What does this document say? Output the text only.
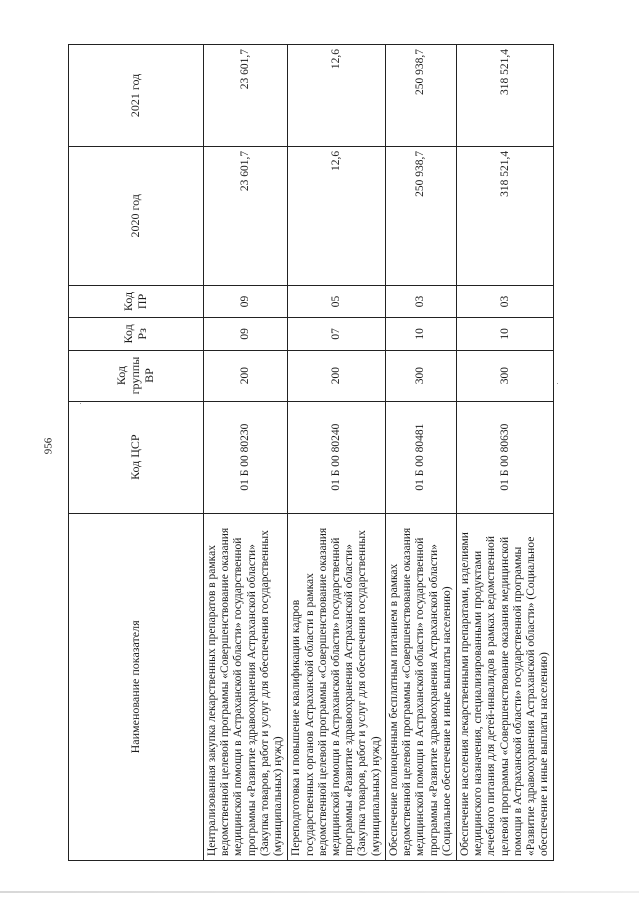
956
Наименование показателя	Код ЦСР	Код группы ВР	Код Рз	Код ПР	2020 год	2021 год
Централизованная закупка лекарственных препаратов в рамках ведомственной целевой программы «Совершенствование оказания медицинской помощи в Астраханской области» государственной программы «Развитие здравоохранения Астраханской области» (Закупка товаров, работ и услуг для обеспечения государственных (муниципальных) нужд)	01 Б 00 80230	200	09	09	23 601,7	23 601,7
Переподготовка и повышение квалификации кадров государственных органов Астраханской области в рамках ведомственной целевой программы «Совершенствование оказания медицинской помощи в Астраханской области» государственной программы «Развитие здравоохранения Астраханской области» (Закупка товаров, работ и услуг для обеспечения государственных (муниципальных) нужд)	01 Б 00 80240	200	07	05	12,6	12,6
Обеспечение полноценным бесплатным питанием в рамках ведомственной целевой программы «Совершенствование оказания медицинской помощи в Астраханской области» государственной программы «Развитие здравоохранения Астраханской области» (Социальное обеспечение и иные выплаты населению)	01 Б 00 80481	300	10	03	250 938,7	250 938,7
Обеспечение населения лекарственными препаратами, изделиями медицинского назначения, специализированными продуктами лечебного питания для детей-инвалидов в рамках ведомственной целевой программы «Совершенствование оказания медицинской помощи в Астраханской области» государственной программы «Развитие здравоохранения Астраханской области» (Социальное обеспечение и иные выплаты населению)	01 Б 00 80630	300	10	03	318 521,4	318 521,4
